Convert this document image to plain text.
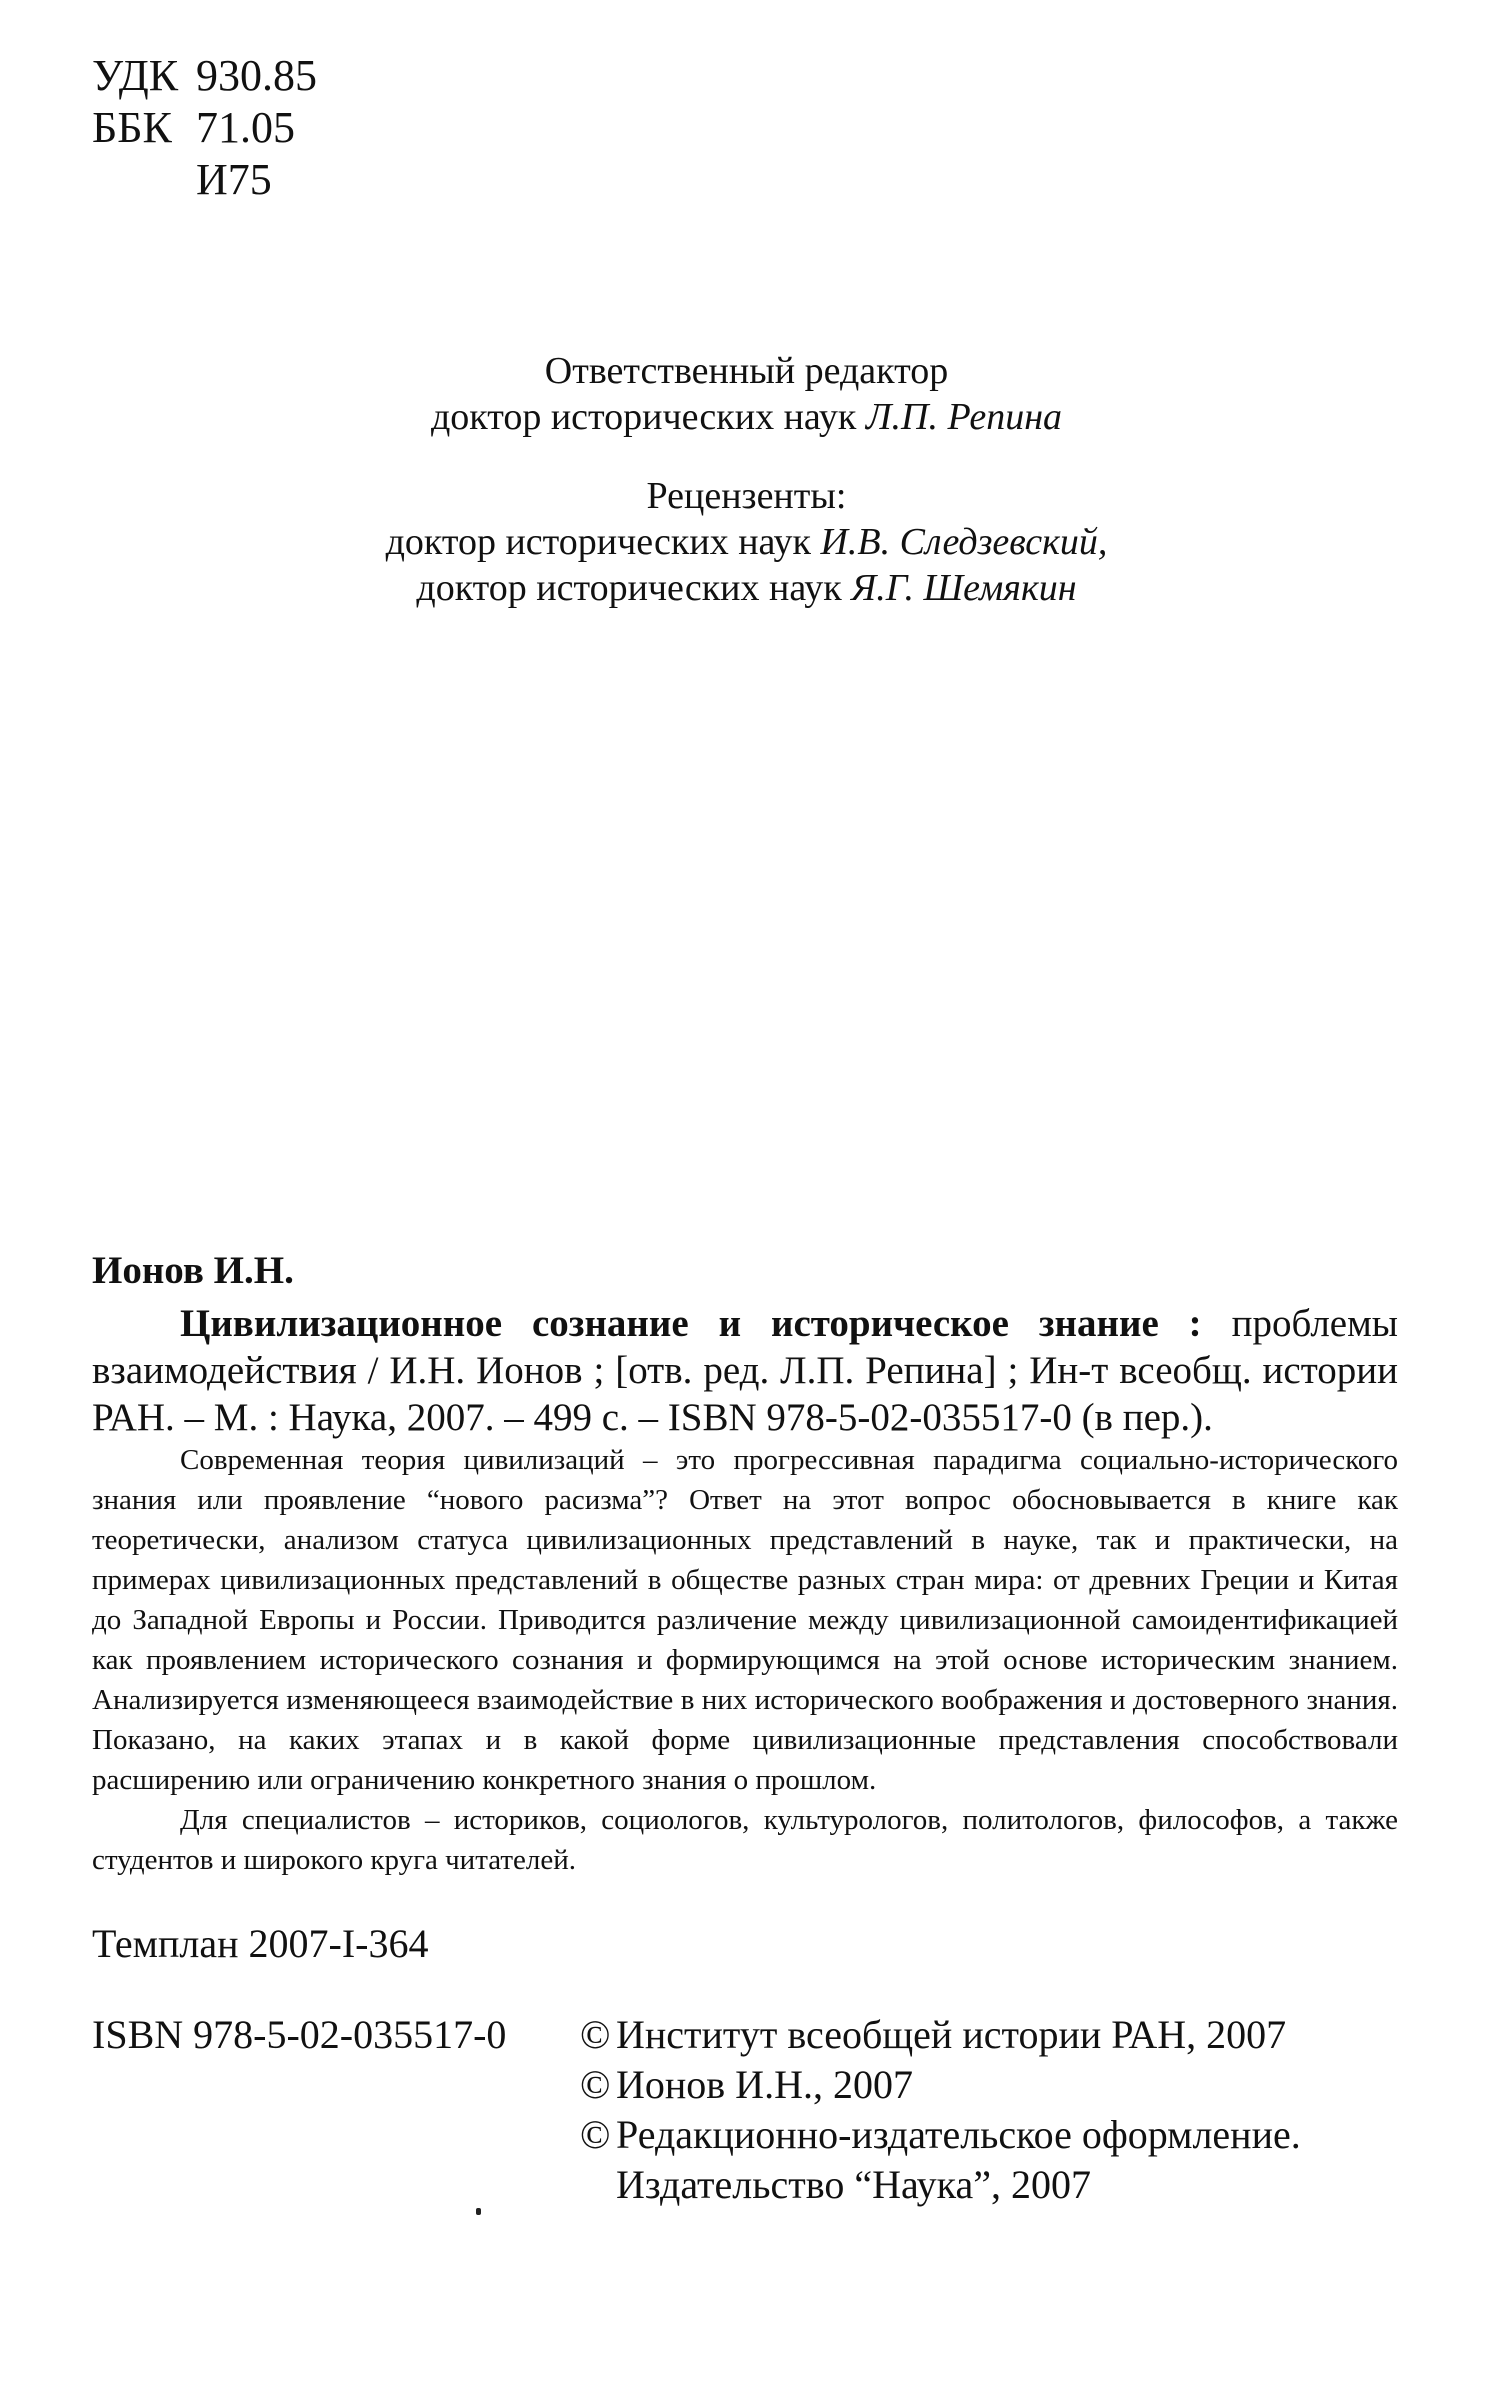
УДК 930.85
ББК 71.05
И75
Ответственный редактор
доктор исторических наук Л.П. Репина
Рецензенты:
доктор исторических наук И.В. Следзевский,
доктор исторических наук Я.Г. Шемякин
Ионов И.Н.

Цивилизационное сознание и историческое знание : проблемы взаимодействия / И.Н. Ионов ; [отв. ред. Л.П. Репина] ; Ин-т всеобщ. истории РАН. – М. : Наука, 2007. – 499 с. – ISBN 978-5-02-035517-0 (в пер.).

Современная теория цивилизаций – это прогрессивная парадигма социально-исторического знания или проявление “нового расизма”? Ответ на этот вопрос обосновывается в книге как теоретически, анализом статуса цивилизационных представлений в науке, так и практически, на примерах цивилизационных представлений в обществе разных стран мира: от древних Греции и Китая до Западной Европы и России. Приводится различение между цивилизационной самоидентификацией как проявлением исторического сознания и формирующимся на этой основе историческим знанием. Анализируется изменяющееся взаимодействие в них исторического воображения и достоверного знания. Показано, на каких этапах и в какой форме цивилизационные представления способствовали расширению или ограничению конкретного знания о прошлом.

Для специалистов – историков, социологов, культурологов, политологов, философов, а также студентов и широкого круга читателей.

Темплан 2007-I-364
ISBN 978-5-02-035517-0 © Институт всеобщей истории РАН, 2007
© Ионов И.Н., 2007
© Редакционно-издательское оформление.
Издательство “Наука”, 2007
